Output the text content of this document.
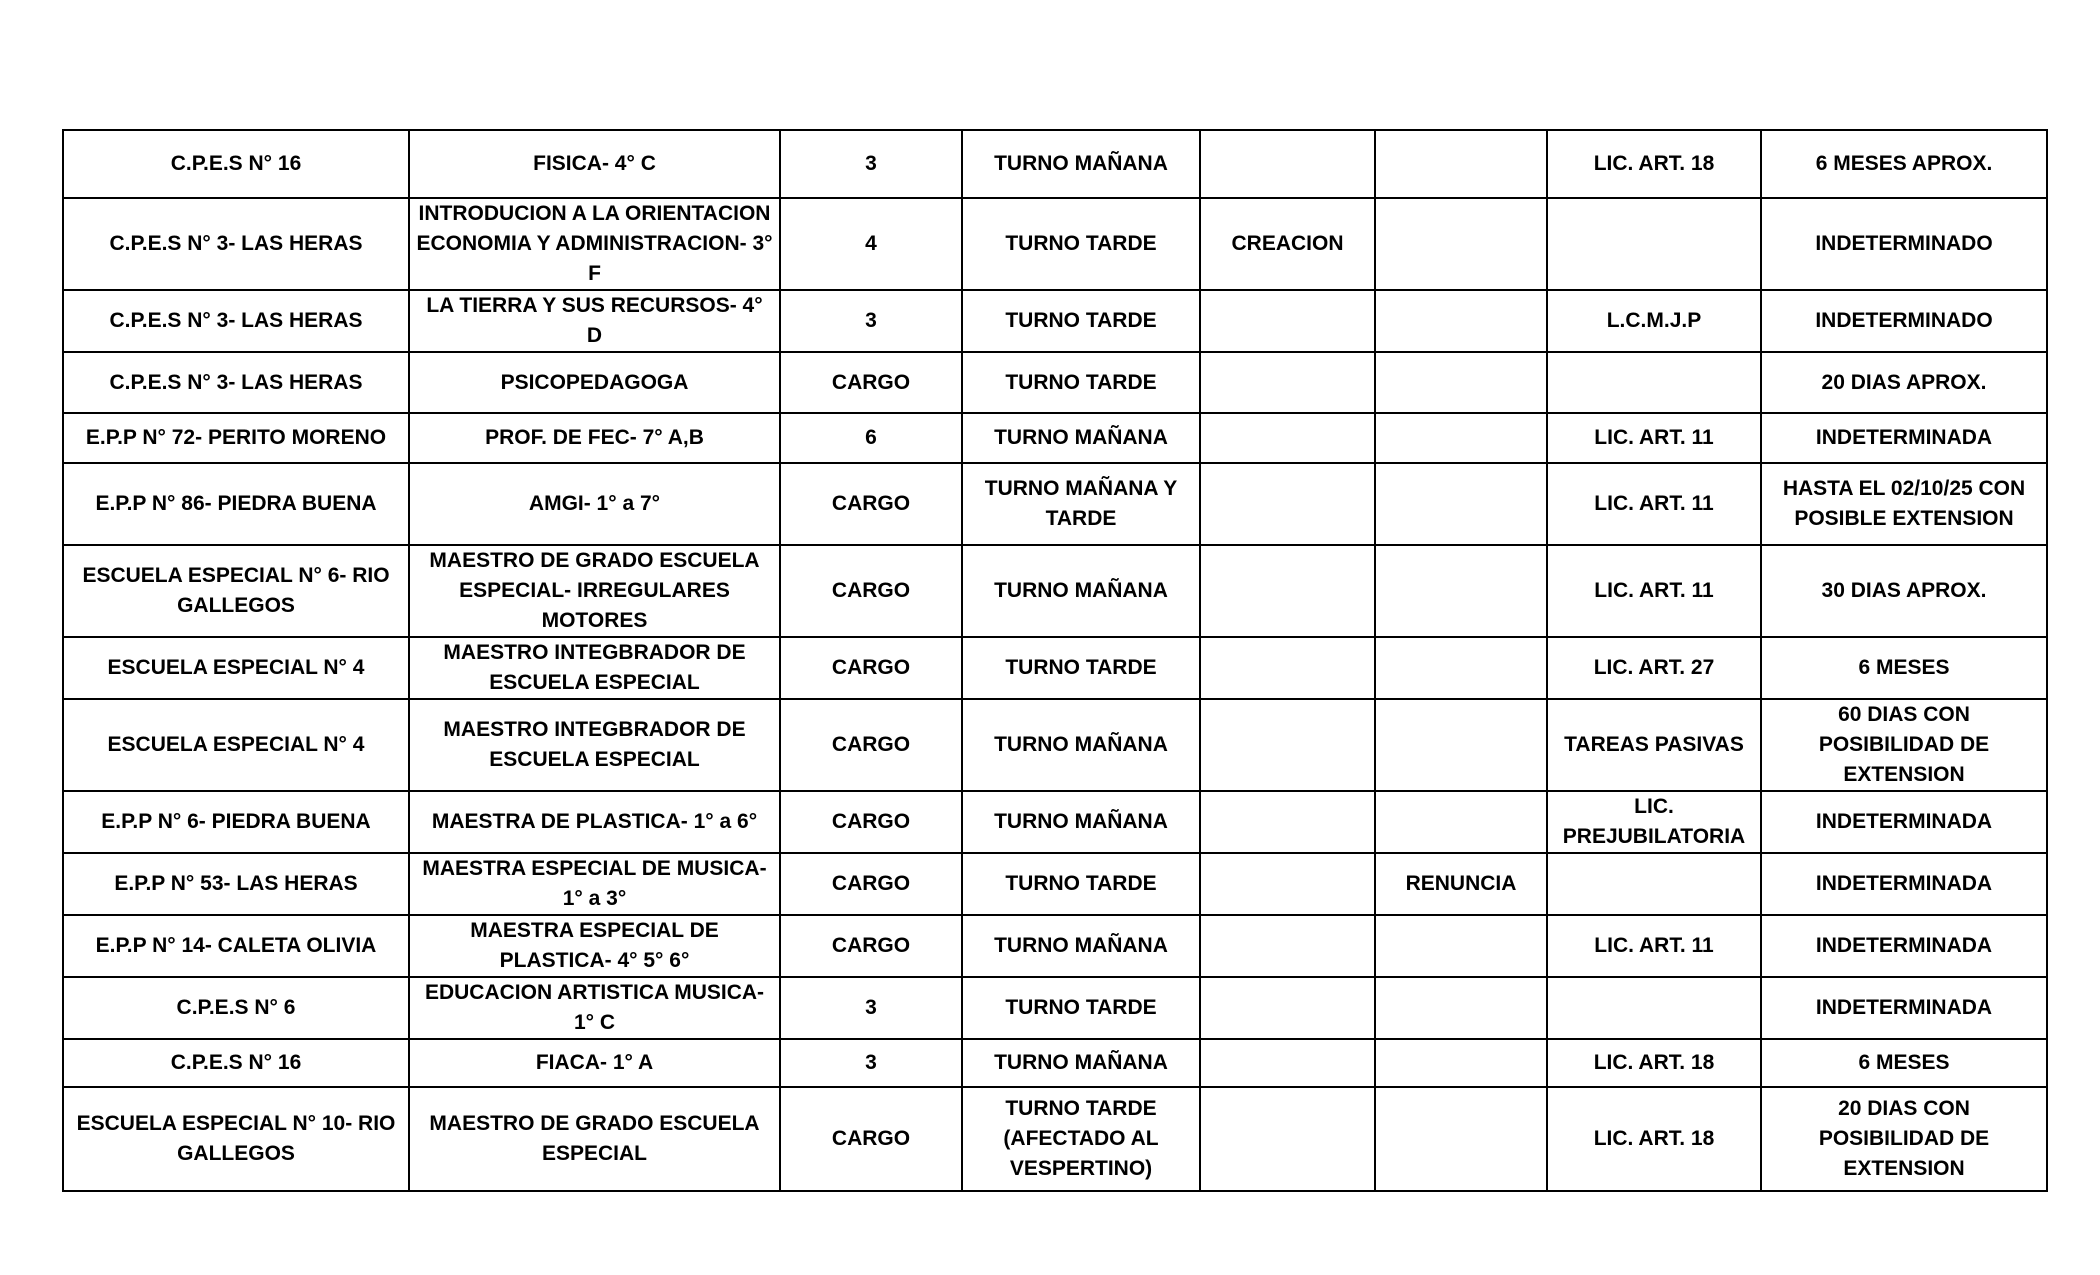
C.P.E.S N° 16	FISICA- 4° C	3	TURNO MAÑANA			LIC. ART. 18	6 MESES APROX.
C.P.E.S N° 3- LAS HERAS	INTRODUCION A LA ORIENTACION ECONOMIA Y ADMINISTRACION- 3° F	4	TURNO TARDE	CREACION			INDETERMINADO
C.P.E.S N° 3- LAS HERAS	LA TIERRA Y SUS RECURSOS- 4° D	3	TURNO TARDE			L.C.M.J.P	INDETERMINADO
C.P.E.S N° 3- LAS HERAS	PSICOPEDAGOGA	CARGO	TURNO TARDE				20 DIAS APROX.
E.P.P N° 72- PERITO MORENO	PROF. DE FEC- 7° A,B	6	TURNO MAÑANA			LIC. ART. 11	INDETERMINADA
E.P.P N° 86- PIEDRA BUENA	AMGI- 1° a 7°	CARGO	TURNO MAÑANA Y TARDE			LIC. ART. 11	HASTA EL 02/10/25 CON POSIBLE EXTENSION
ESCUELA ESPECIAL N° 6- RIO GALLEGOS	MAESTRO DE GRADO ESCUELA ESPECIAL- IRREGULARES MOTORES	CARGO	TURNO MAÑANA			LIC. ART. 11	30 DIAS APROX.
ESCUELA ESPECIAL N° 4	MAESTRO INTEGBRADOR DE ESCUELA ESPECIAL	CARGO	TURNO TARDE			LIC. ART. 27	6 MESES
ESCUELA ESPECIAL N° 4	MAESTRO INTEGBRADOR DE ESCUELA ESPECIAL	CARGO	TURNO MAÑANA			TAREAS PASIVAS	60 DIAS CON POSIBILIDAD DE EXTENSION
E.P.P N° 6- PIEDRA BUENA	MAESTRA DE PLASTICA- 1° a 6°	CARGO	TURNO MAÑANA			LIC. PREJUBILATORIA	INDETERMINADA
E.P.P N° 53- LAS HERAS	MAESTRA ESPECIAL DE MUSICA- 1° a 3°	CARGO	TURNO TARDE		RENUNCIA		INDETERMINADA
E.P.P N° 14- CALETA OLIVIA	MAESTRA ESPECIAL DE PLASTICA- 4° 5° 6°	CARGO	TURNO MAÑANA			LIC. ART. 11	INDETERMINADA
C.P.E.S N° 6	EDUCACION ARTISTICA MUSICA- 1° C	3	TURNO TARDE				INDETERMINADA
C.P.E.S N° 16	FIACA- 1° A	3	TURNO MAÑANA			LIC. ART. 18	6 MESES
ESCUELA ESPECIAL N° 10- RIO GALLEGOS	MAESTRO DE GRADO ESCUELA ESPECIAL	CARGO	TURNO TARDE (AFECTADO AL VESPERTINO)			LIC. ART. 18	20 DIAS CON POSIBILIDAD DE EXTENSION
